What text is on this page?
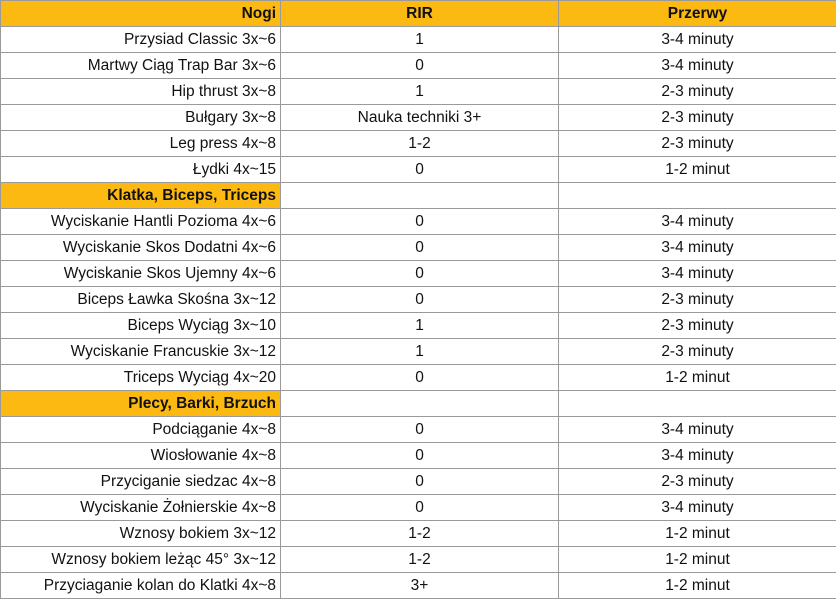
Nogi	RIR	Przerwy
Przysiad Classic 3x~6	1	3-4 minuty
Martwy Ciąg Trap Bar 3x~6	0	3-4 minuty
Hip thrust 3x~8	1	2-3 minuty
Bułgary 3x~8	Nauka techniki 3+	2-3 minuty
Leg press 4x~8	1-2	2-3 minuty
Łydki 4x~15	0	1-2 minut
Klatka, Biceps, Triceps		
Wyciskanie Hantli Pozioma 4x~6	0	3-4 minuty
Wyciskanie Skos Dodatni 4x~6	0	3-4 minuty
Wyciskanie Skos Ujemny 4x~6	0	3-4 minuty
Biceps Ławka Skośna 3x~12	0	2-3 minuty
Biceps Wyciąg 3x~10	1	2-3 minuty
Wyciskanie Francuskie 3x~12	1	2-3 minuty
Triceps Wyciąg 4x~20	0	1-2 minut
Plecy, Barki, Brzuch		
Podciąganie 4x~8	0	3-4 minuty
Wiosłowanie 4x~8	0	3-4 minuty
Przyciganie siedzac 4x~8	0	2-3 minuty
Wyciskanie Żołnierskie 4x~8	0	3-4 minuty
Wznosy bokiem 3x~12	1-2	1-2 minut
Wznosy bokiem leżąc 45° 3x~12	1-2	1-2 minut
Przyciaganie kolan do Klatki 4x~8	3+	1-2 minut
